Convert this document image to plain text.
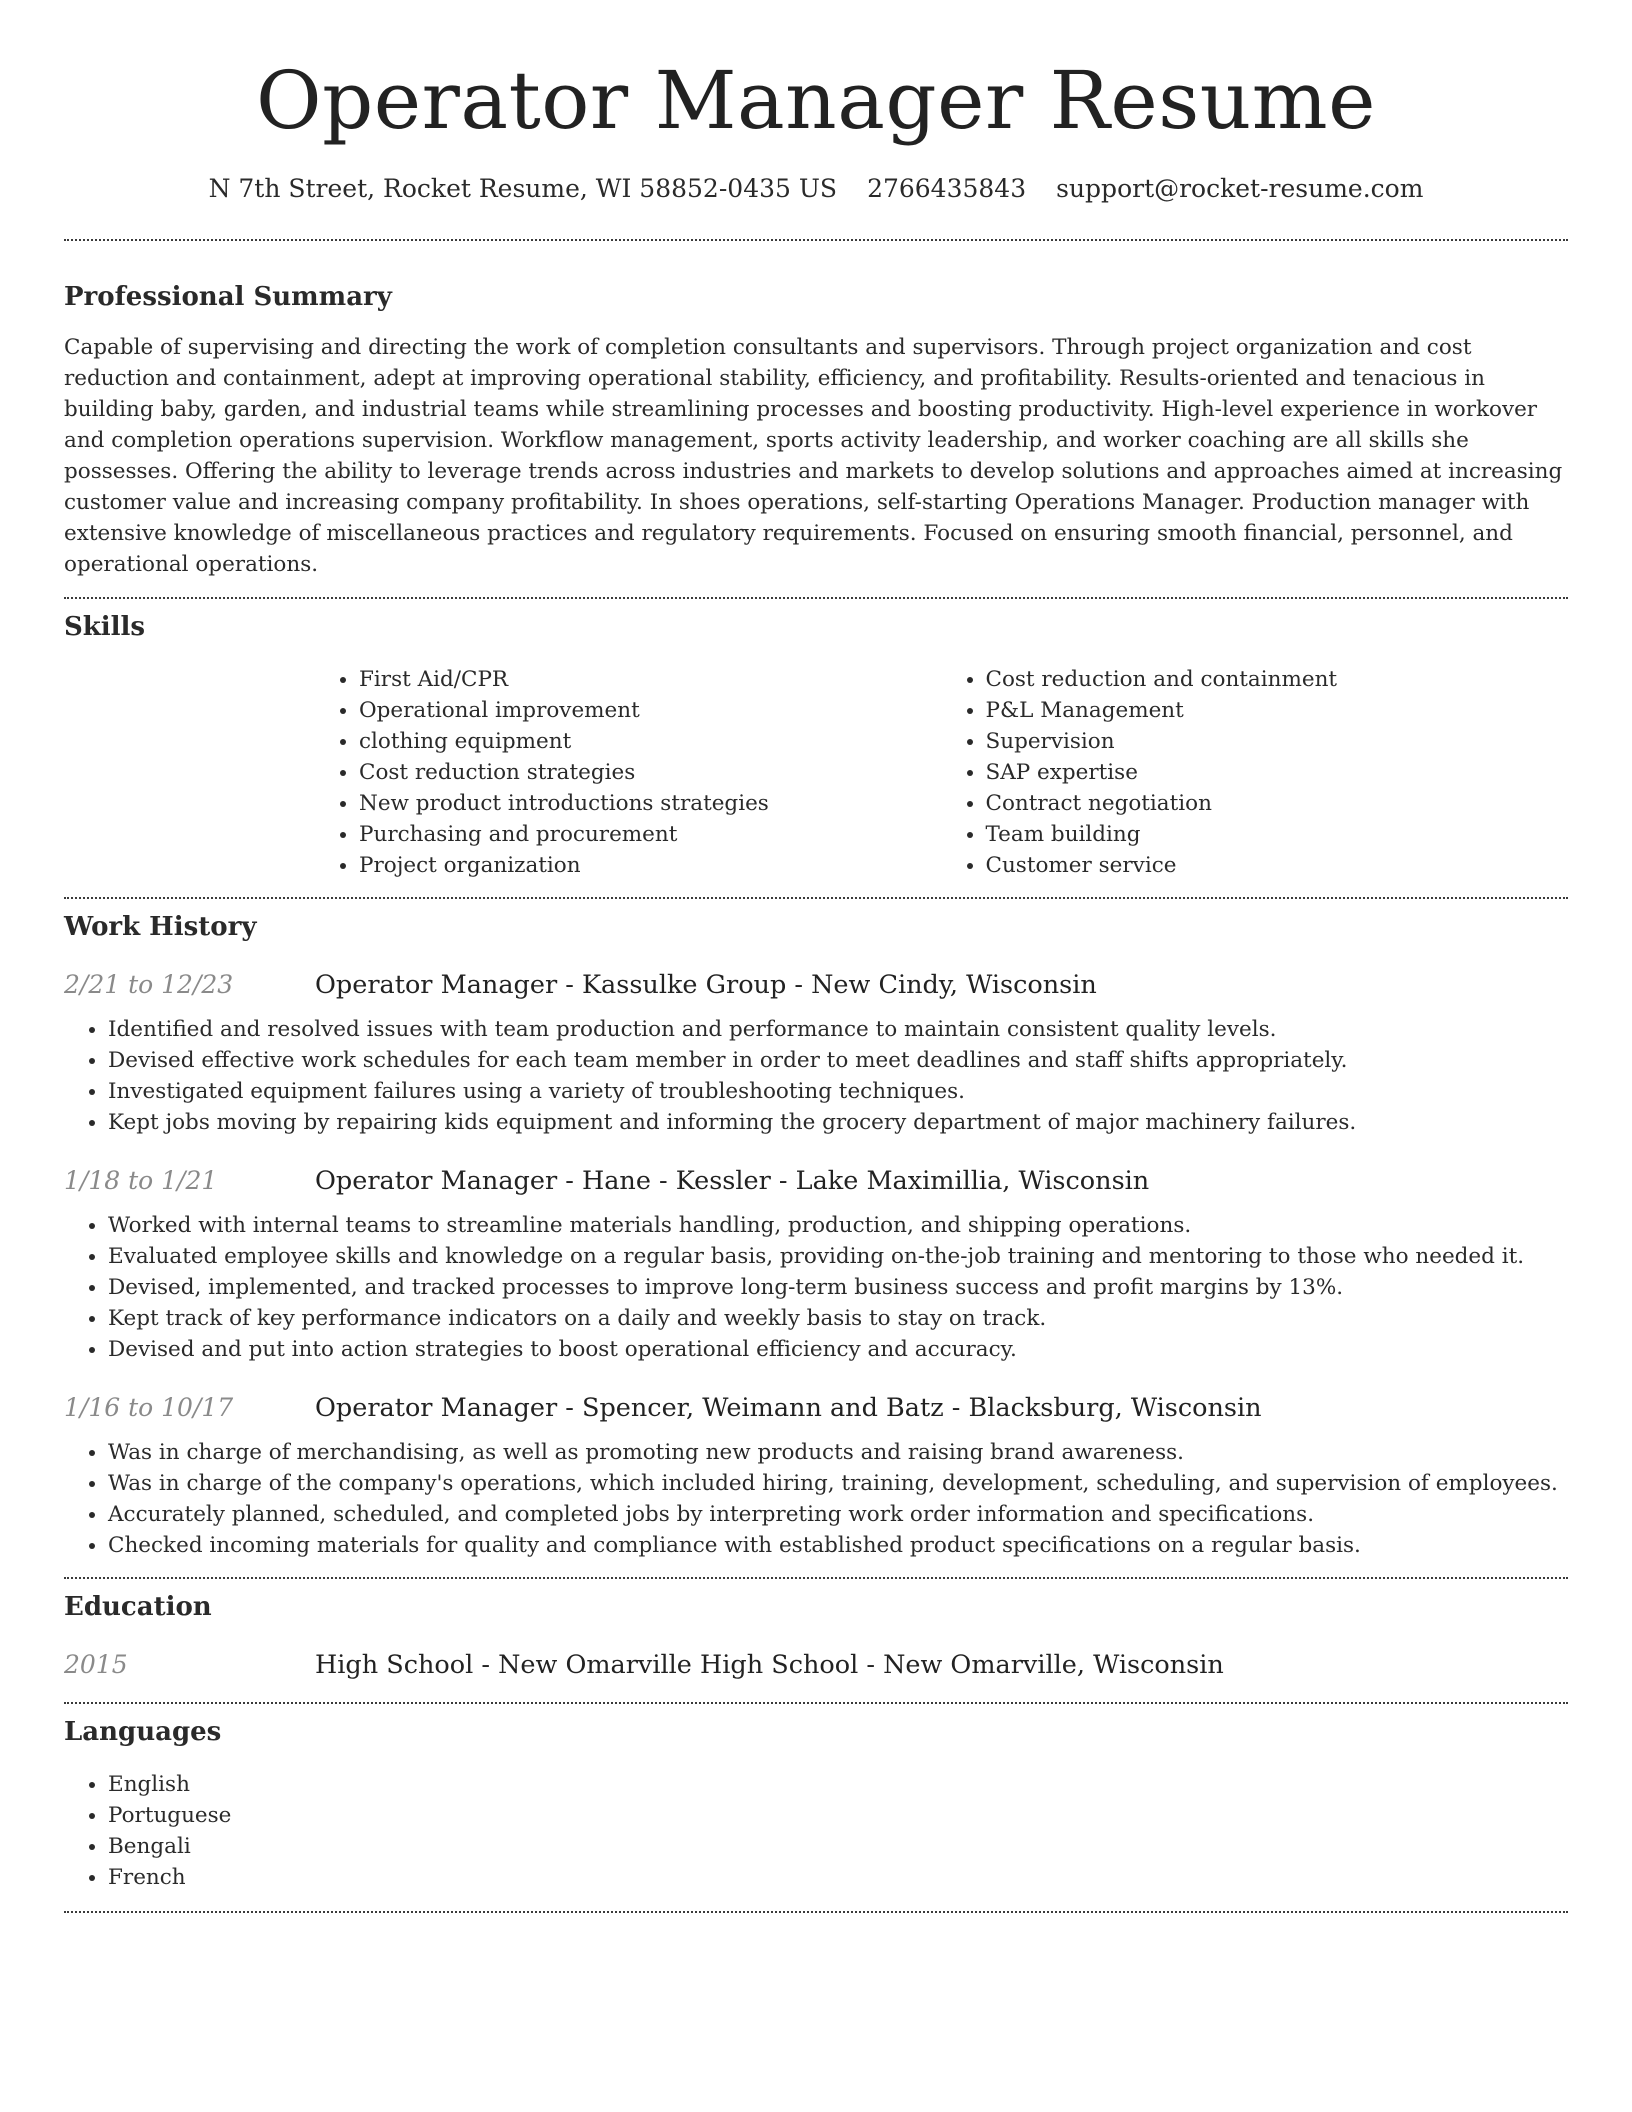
Operator Manager Resume
N 7th Street, Rocket Resume, WI 58852-0435 US 2766435843 support@rocket-resume.com
Professional Summary

Capable of supervising and directing the work of completion consultants and supervisors. Through project organization and cost reduction and containment, adept at improving operational stability, efficiency, and profitability. Results-oriented and tenacious in building baby, garden, and industrial teams while streamlining processes and boosting productivity. High-level experience in workover and completion operations supervision. Workflow management, sports activity leadership, and worker coaching are all skills she possesses. Offering the ability to leverage trends across industries and markets to develop solutions and approaches aimed at increasing customer value and increasing company profitability. In shoes operations, self-starting Operations Manager. Production manager with extensive knowledge of miscellaneous practices and regulatory requirements. Focused on ensuring smooth financial, personnel, and operational operations.

Skills
• First Aid/CPR
• Operational improvement
• clothing equipment
• Cost reduction strategies
• New product introductions strategies
• Purchasing and procurement
• Project organization
• Cost reduction and containment
• P&L Management
• Supervision
• SAP expertise
• Contract negotiation
• Team building
• Customer service
Work History
2/21 to 12/23	Operator Manager - Kassulke Group - New Cindy, Wisconsin
• Identified and resolved issues with team production and performance to maintain consistent quality levels.
• Devised effective work schedules for each team member in order to meet deadlines and staff shifts appropriately.
• Investigated equipment failures using a variety of troubleshooting techniques.
• Kept jobs moving by repairing kids equipment and informing the grocery department of major machinery failures.
1/18 to 1/21	Operator Manager - Hane - Kessler - Lake Maximillia, Wisconsin
• Worked with internal teams to streamline materials handling, production, and shipping operations.
• Evaluated employee skills and knowledge on a regular basis, providing on-the-job training and mentoring to those who needed it.
• Devised, implemented, and tracked processes to improve long-term business success and profit margins by 13%.
• Kept track of key performance indicators on a daily and weekly basis to stay on track.
• Devised and put into action strategies to boost operational efficiency and accuracy.
1/16 to 10/17	Operator Manager - Spencer, Weimann and Batz - Blacksburg, Wisconsin
• Was in charge of merchandising, as well as promoting new products and raising brand awareness.
• Was in charge of the company's operations, which included hiring, training, development, scheduling, and supervision of employees.
• Accurately planned, scheduled, and completed jobs by interpreting work order information and specifications.
• Checked incoming materials for quality and compliance with established product specifications on a regular basis.
Education
2015	High School - New Omarville High School - New Omarville, Wisconsin
Languages
• English
• Portuguese
• Bengali
• French
